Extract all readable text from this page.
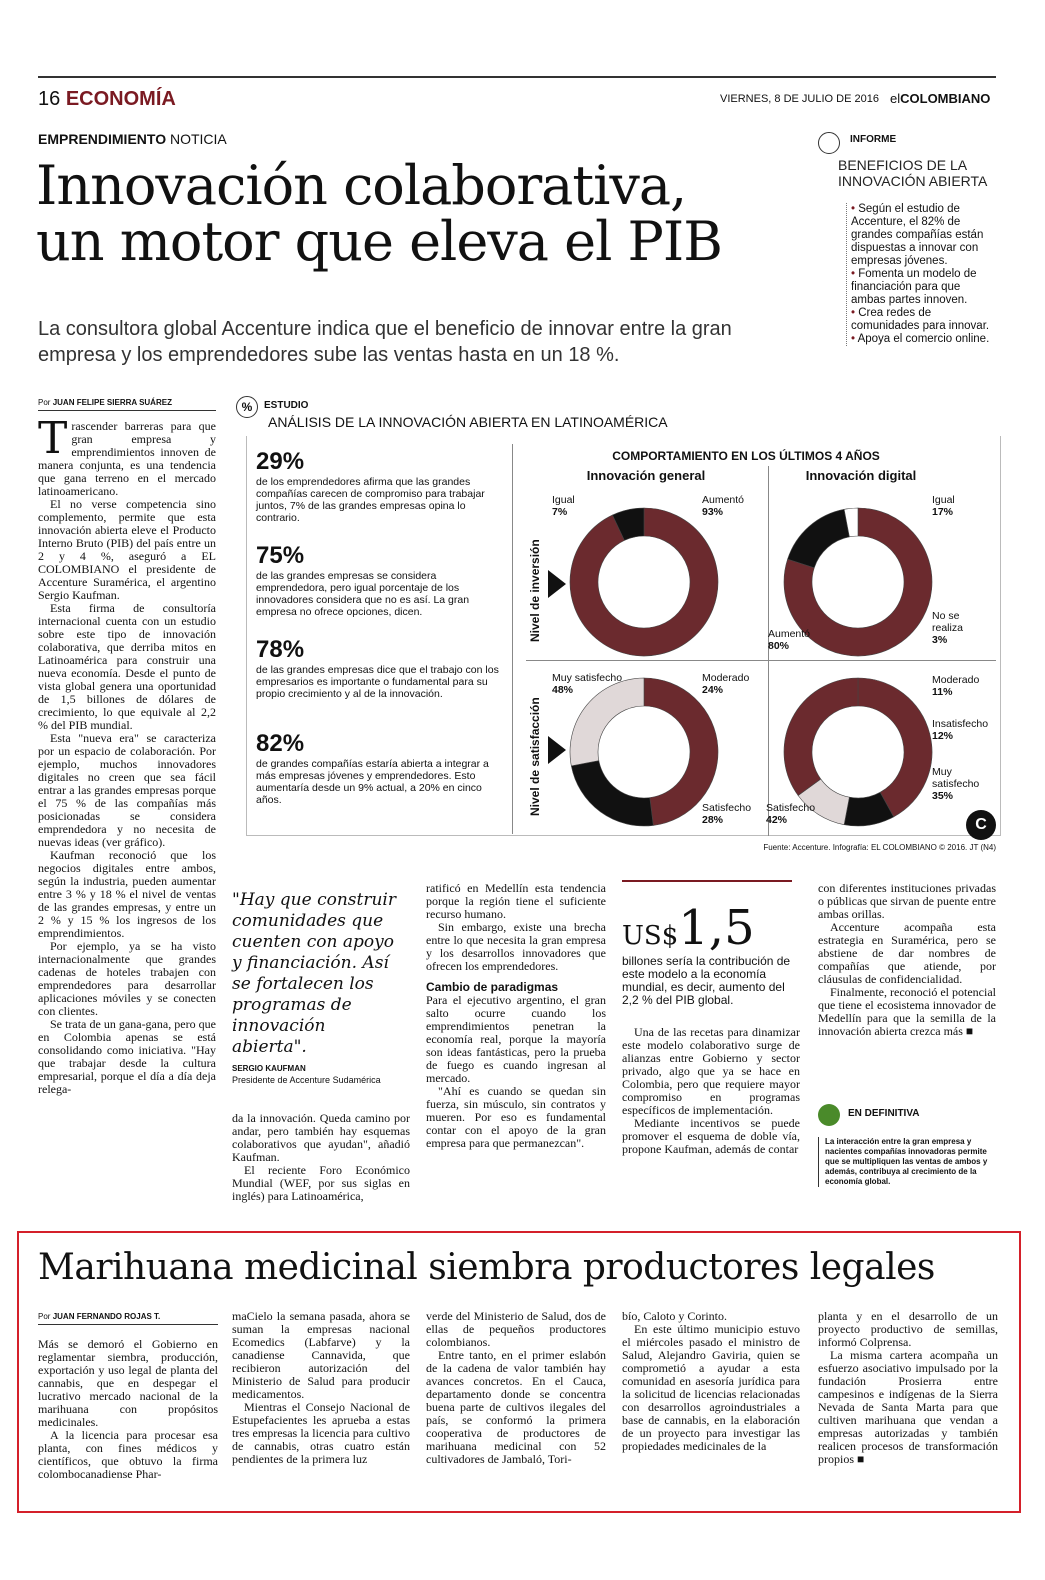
16 ECONOMÍA	VIERNES, 8 DE JULIO DE 2016 elCOLOMBIANO
EMPRENDIMIENTO NOTICIA
Innovación colaborativa,
un motor que eleva el PIB
La consultora global Accenture indica que el beneficio de innovar entre la gran empresa y los emprendedores sube las ventas hasta en un 18 %.
INFORME
BENEFICIOS DE LA INNOVACIÓN ABIERTA
• Según el estudio de Accenture, el 82% de grandes compañías están dispuestas a innovar con empresas jóvenes.
• Fomenta un modelo de financiación para que ambas partes innoven.
• Crea redes de comunidades para innovar.
• Apoya el comercio online.
Por JUAN FELIPE SIERRA SUÁREZ
T rascender barreras para que gran empresa y emprendimientos innoven de manera conjunta, es una tendencia que gana terreno en el mercado latinoamericano.

El no verse competencia sino complemento, permite que esta innovación abierta eleve el Producto Interno Bruto (PIB) del país entre un 2 y 4 %, aseguró a EL COLOMBIANO el presidente de Accenture Suramérica, el argentino Sergio Kaufman.

Esta firma de consultoría internacional cuenta con un estudio sobre este tipo de innovación colaborativa, que derriba mitos en Latinoamérica para construir una nueva economía. Desde el punto de vista global genera una oportunidad de 1,5 billones de dólares de crecimiento, lo que equivale al 2,2 % del PIB mundial.

Esta "nueva era" se caracteriza por un espacio de colaboración. Por ejemplo, muchos innovadores digitales no creen que sea fácil entrar a las grandes empresas porque el 75 % de las compañías más posicionadas se considera emprendedora y no necesita de nuevas ideas (ver gráfico).

Kaufman reconoció que los negocios digitales entre ambos, según la industria, pueden aumentar entre 3 % y 18 % el nivel de ventas de las grandes empresas, y entre un 2 % y 15 % los ingresos de los emprendimientos.

Por ejemplo, ya se ha visto internacionalmente que grandes cadenas de hoteles trabajen con emprendedores para desarrollar aplicaciones móviles y se conecten con clientes.

Se trata de un gana-gana, pero que en Colombia apenas se está consolidando como iniciativa. "Hay que trabajar desde la cultura empresarial, porque el día a día deja relega-

%	ESTUDIO
ANÁLISIS DE LA INNOVACIÓN ABIERTA EN LATINOAMÉRICA
29%
de los emprendedores afirma que las grandes compañías carecen de compromiso para trabajar juntos, 7% de las grandes empresas opina lo contrario.
75%
de las grandes empresas se considera emprendedora, pero igual porcentaje de los innovadores considera que no es así. La gran empresa no ofrece opciones, dicen.
78%
de las grandes empresas dice que el trabajo con los empresarios es importante o fundamental para su propio crecimiento y al de la innovación.
82%
de grandes compañías estaría abierta a integrar a más empresas jóvenes y emprendedores. Esto aumentaría desde un 9% actual, a 20% en cinco años.
COMPORTAMIENTO EN LOS ÚLTIMOS 4 AÑOS
Innovación general	Innovación digital
Nivel de inversión
Nivel de satisfacción
Igual
7%
Aumentó
93%
Igual
17%
No se realiza
3%
Aumentó
80%
Muy satisfecho
48%
Moderado
24%
Satisfecho
28%
Satisfecho
42%
Moderado
11%
Insatisfecho
12%
Muy satisfecho
35%
C
Fuente: Accenture. Infografía: EL COLOMBIANO © 2016. JT (N4)
"Hay que construir comunidades que cuenten con apoyo y financiación. Así se fortalecen los programas de innovación abierta".
SERGIO KAUFMAN
Presidente de Accenture Sudamérica
da la innovación. Queda camino por andar, pero también hay esquemas colaborativos que ayudan", añadió Kaufman.

El reciente Foro Económico Mundial (WEF, por sus siglas en inglés) para Latinoamérica,

ratificó en Medellín esta tendencia porque la región tiene el suficiente recurso humano.

Sin embargo, existe una brecha entre lo que necesita la gran empresa y los desarrollos innovadores que ofrecen los emprendedores.

Cambio de paradigmas
Para el ejecutivo argentino, el gran salto ocurre cuando los emprendimientos penetran la economía real, porque la mayoría son ideas fantásticas, pero la prueba de fuego es cuando ingresan al mercado.

"Ahí es cuando se quedan sin fuerza, sin músculo, sin contratos y mueren. Por eso es fundamental contar con el apoyo de la gran empresa para que permanezcan".

US$1,5
billones sería la contribución de este modelo a la economía mundial, es decir, aumento del 2,2 % del PIB global.

Una de las recetas para dinamizar este modelo colaborativo surge de alianzas entre Gobierno y sector privado, algo que ya se hace en Colombia, pero que requiere mayor compromiso en programas específicos de implementación.

Mediante incentivos se puede promover el esquema de doble vía, propone Kaufman, además de contar

con diferentes instituciones privadas o públicas que sirvan de puente entre ambas orillas.

Accenture acompaña esta estrategia en Suramérica, pero se abstiene de dar nombres de compañías que atiende, por cláusulas de confidencialidad.

Finalmente, reconoció el potencial que tiene el ecosistema innovador de Medellín para que la semilla de la innovación abierta crezca más ■

EN DEFINITIVA
La interacción entre la gran empresa y nacientes compañías innovadoras permite que se multipliquen las ventas de ambos y además, contribuya al crecimiento de la economía global.
Marihuana medicinal siembra productores legales
Por JUAN FERNANDO ROJAS T.
Más se demoró el Gobierno en reglamentar siembra, producción, exportación y uso legal de planta del cannabis, que en despegar el lucrativo mercado nacional de la marihuana con propósitos medicinales.

A la licencia para procesar esa planta, con fines médicos y científicos, que obtuvo la firma colombocanadiense Phar-

maCielo la semana pasada, ahora se suman la empresas nacional Ecomedics (Labfarve) y la canadiense Cannavida, que recibieron autorización del Ministerio de Salud para producir medicamentos.

Mientras el Consejo Nacional de Estupefacientes les aprueba a estas tres empresas la licencia para cultivo de cannabis, otras cuatro están pendientes de la primera luz

verde del Ministerio de Salud, dos de ellas de pequeños productores colombianos.

Entre tanto, en el primer eslabón de la cadena de valor también hay avances concretos. En el Cauca, departamento donde se concentra buena parte de cultivos ilegales del país, se conformó la primera cooperativa de productores de marihuana medicinal con 52 cultivadores de Jambaló, Tori-

bío, Caloto y Corinto.

En este último municipio estuvo el miércoles pasado el ministro de Salud, Alejandro Gaviria, quien se comprometió a ayudar a esta comunidad en asesoría jurídica para la solicitud de licencias relacionadas con desarrollos agroindustriales a base de cannabis, en la elaboración de un proyecto para investigar las propiedades medicinales de la

planta y en el desarrollo de un proyecto productivo de semillas, informó Colprensa.

La misma cartera acompaña un esfuerzo asociativo impulsado por la fundación Prosierra entre campesinos e indígenas de la Sierra Nevada de Santa Marta para que cultiven marihuana que vendan a empresas autorizadas y también realicen procesos de transformación propios ■
